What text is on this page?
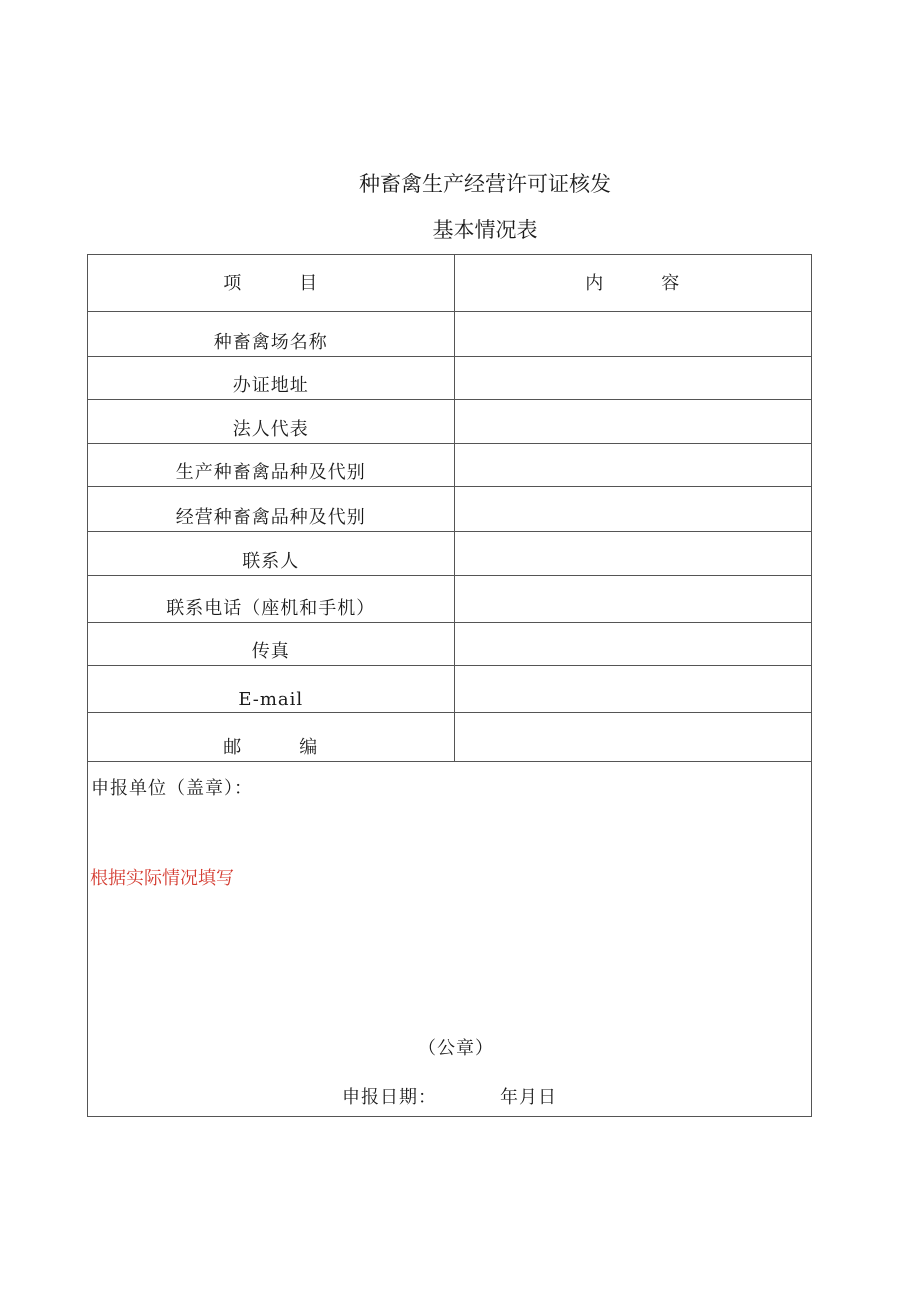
种畜禽生产经营许可证核发
基本情况表
项　　　目	内　　　容
种畜禽场名称	
办证地址	
法人代表	
生产种畜禽品种及代别	
经营种畜禽品种及代别	
联系人	
联系电话（座机和手机）	
传真	
E-mail	
邮　　　编	
申报单位（盖章）：
根据实际情况填写
（公章）
申报日期：	年月日
